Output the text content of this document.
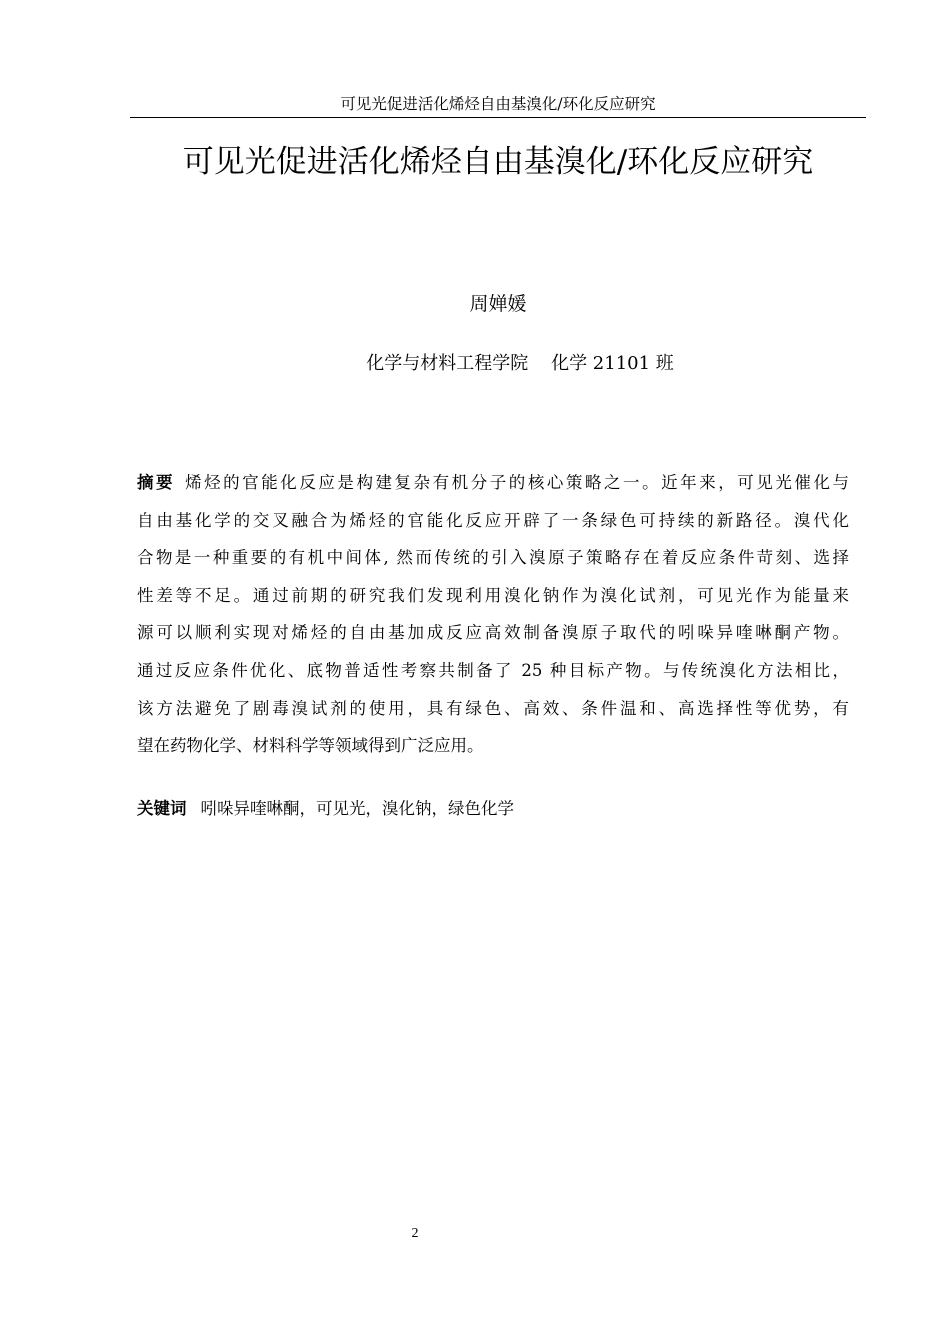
可见光促进活化烯烃自由基溴化/环化反应研究
可见光促进活化烯烃自由基溴化/环化反应研究
周婵媛
化学与材料工程学院    化学 21101 班
摘要 烯烃的官能化反应是构建复杂有机分子的核心策略之一。近年来，可见光催化与
自由基化学的交叉融合为烯烃的官能化反应开辟了一条绿色可持续的新路径。溴代化
合物是一种重要的有机中间体, 然而传统的引入溴原子策略存在着反应条件苛刻、选择
性差等不足。通过前期的研究我们发现利用溴化钠作为溴化试剂，可见光作为能量来
源可以顺利实现对烯烃的自由基加成反应高效制备溴原子取代的吲哚异喹啉酮产物。
通过反应条件优化、底物普适性考察共制备了 25 种目标产物。与传统溴化方法相比，
该方法避免了剧毒溴试剂的使用，具有绿色、高效、条件温和、高选择性等优势，有
望在药物化学、材料科学等领域得到广泛应用。
关键词 吲哚异喹啉酮，可见光，溴化钠，绿色化学
2
